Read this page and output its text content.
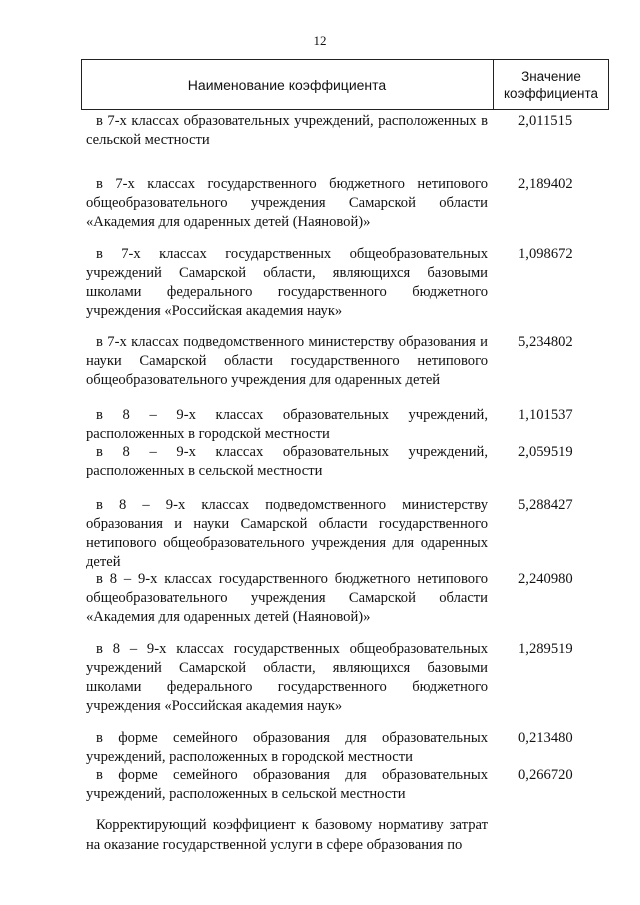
12
Наименование коэффициента
Значение
коэффициента
в 7-х классах образовательных учреждений, расположенных в сельской местности
2,011515
в 7-х классах государственного бюджетного нетипового общеобразовательного учреждения Самарской области «Академия для одаренных детей (Наяновой)»
2,189402
в 7-х классах государственных общеобразовательных учреждений Самарской области, являющихся базовыми школами федерального государственного бюджетного учреждения «Российская академия наук»
1,098672
в 7-х классах подведомственного министерству образования и науки Самарской области государственного нетипового общеобразовательного учреждения для одаренных детей
5,234802
в 8 – 9-х классах образовательных учреждений, расположенных в городской местности
1,101537
в 8 – 9-х классах образовательных учреждений, расположенных в сельской местности
2,059519
в 8 – 9-х классах подведомственного министерству образования и науки Самарской области государственного нетипового общеобразовательного учреждения для одаренных детей
5,288427
в 8 – 9-х классах государственного бюджетного нетипового общеобразовательного учреждения Самарской области «Академия для одаренных детей (Наяновой)»
2,240980
в 8 – 9-х классах государственных общеобразовательных учреждений Самарской области, являющихся базовыми школами федерального государственного бюджетного учреждения «Российская академия наук»
1,289519
в форме семейного образования для образовательных учреждений, расположенных в городской местности
0,213480
в форме семейного образования для образовательных учреждений, расположенных в сельской местности
0,266720
Корректирующий коэффициент к базовому нормативу затрат на оказание государственной услуги в сфере образования по
